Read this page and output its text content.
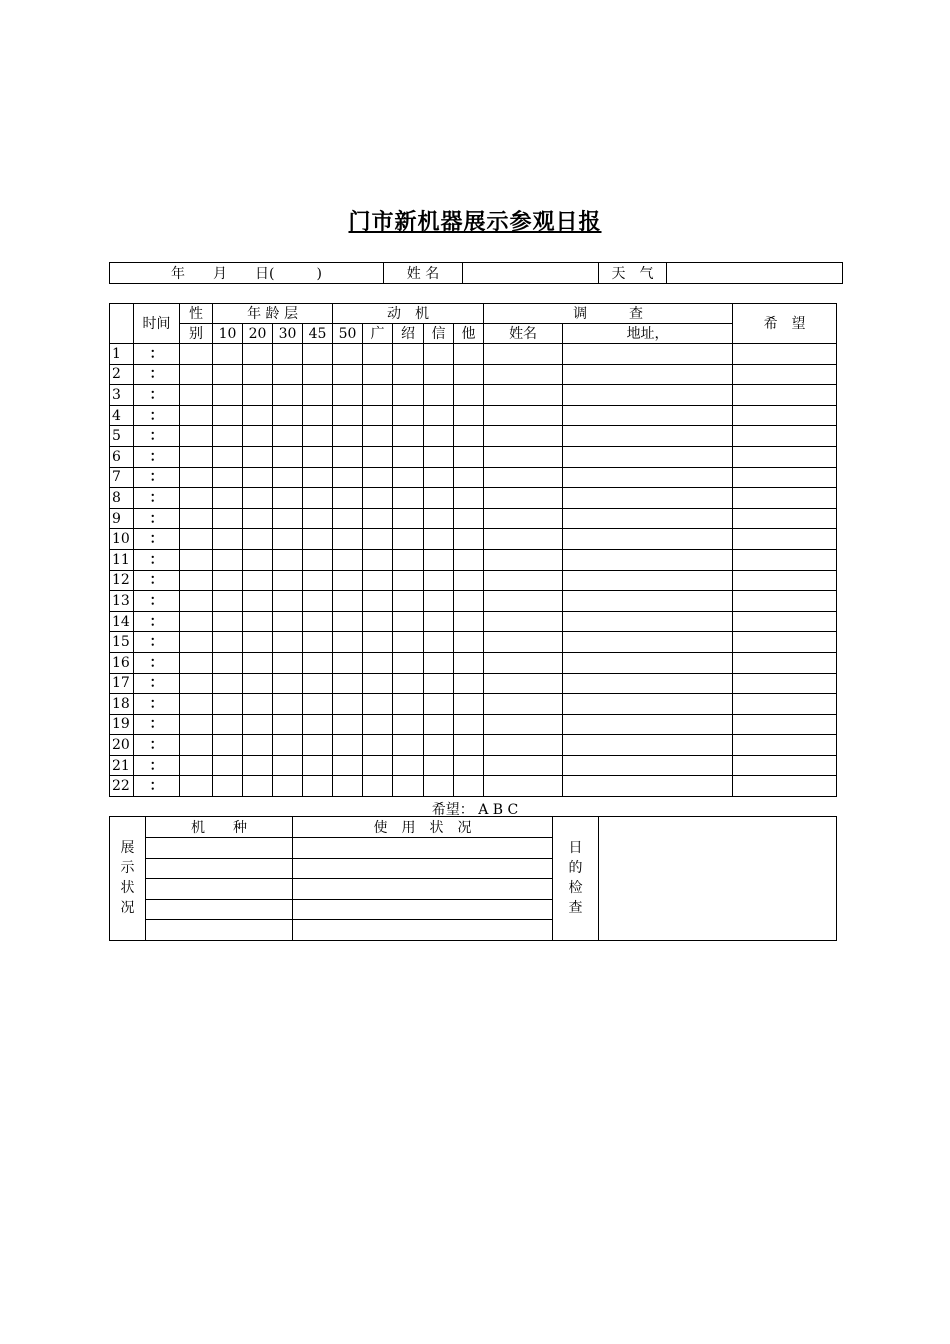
门市新机器展示参观日报
年　　月　　日(　　　)	姓 名		天　气	
	时间	性	年 龄 层				动　机					调　　　查		希　望
		别	10	20	30	45	50	广	绍	信	他	姓名	地址，	
1	：													
2	：													
3	：													
4	：													
5	：													
6	：													
7	：													
8	：													
9	：													
10	：													
11	：													
12	：													
13	：													
14	：													
15	：													
16	：													
17	：													
18	：													
19	：													
20	：													
21	：													
22	：													
希望： A B C
展示状况	机　　种	使　用　状　况	日的检查	
